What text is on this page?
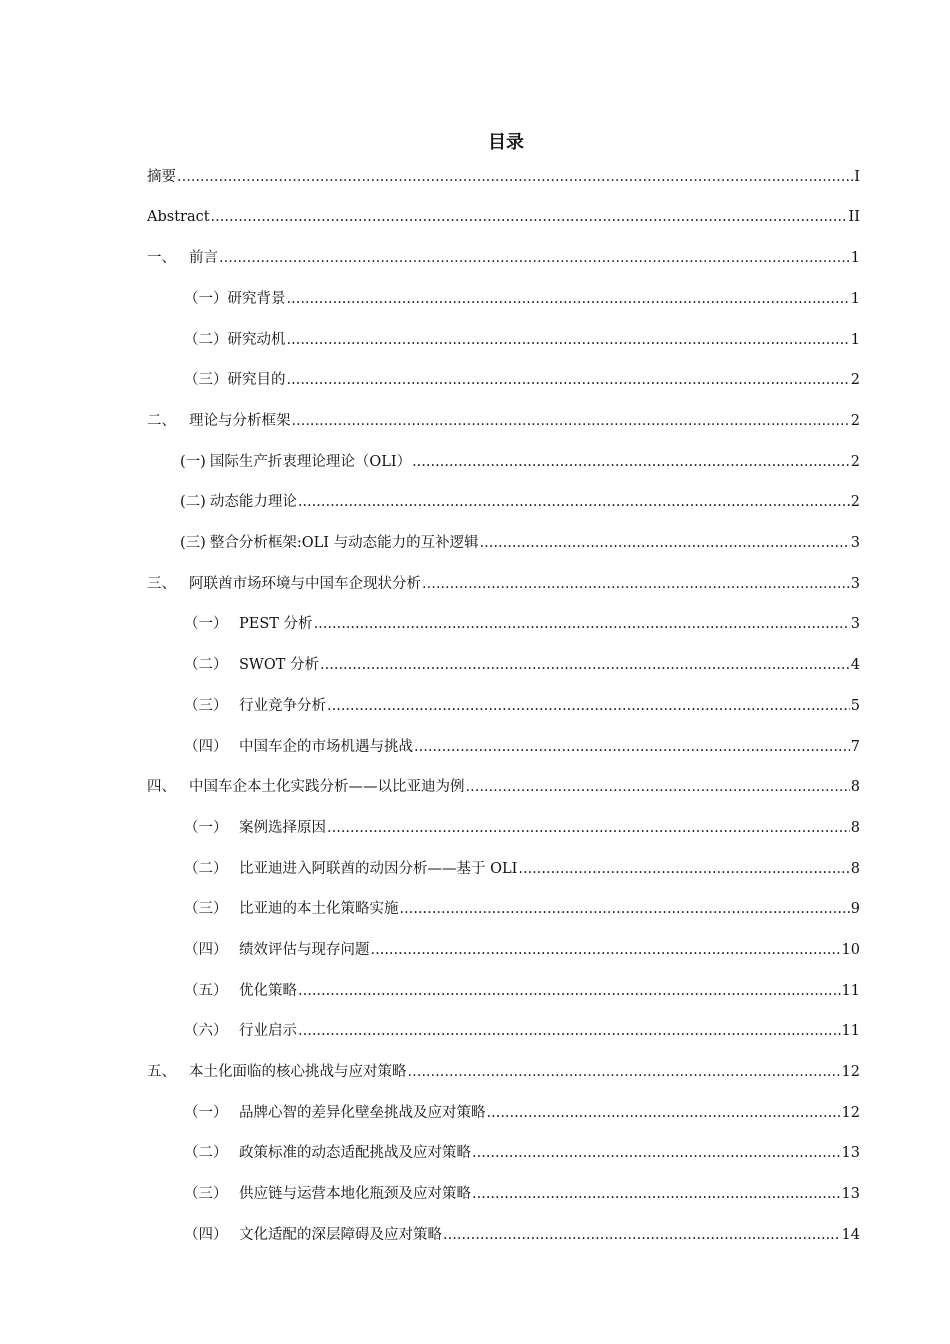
目录
摘要 .....	I
Abstract .....	II
一、 前言 .....	1
（一） 研究背景 .....	1
（二） 研究动机 .....	1
（三） 研究目的 .....	2
二、 理论与分析框架 .....	2
(一) 国际生产折衷理论理论（OLI） .....	2
(二) 动态能力理论 .....	2
(三) 整合分析框架:OLI 与动态能力的互补逻辑 .....	3
三、 阿联酋市场环境与中国车企现状分析 .....	3
（一） PEST 分析 .....	3
（二） SWOT 分析 .....	4
（三） 行业竞争分析 .....	5
（四） 中国车企的市场机遇与挑战 .....	7
四、 中国车企本土化实践分析——以比亚迪为例 .....	8
（一） 案例选择原因 .....	8
（二） 比亚迪进入阿联酋的动因分析——基于 OLI .....	8
（三） 比亚迪的本土化策略实施 .....	9
（四） 绩效评估与现存问题 .....	10
（五） 优化策略 .....	11
（六） 行业启示 .....	11
五、 本土化面临的核心挑战与应对策略 .....	12
（一） 品牌心智的差异化壁垒挑战及应对策略 .....	12
（二） 政策标准的动态适配挑战及应对策略 .....	13
（三） 供应链与运营本地化瓶颈及应对策略 .....	13
（四） 文化适配的深层障碍及应对策略 .....	14
